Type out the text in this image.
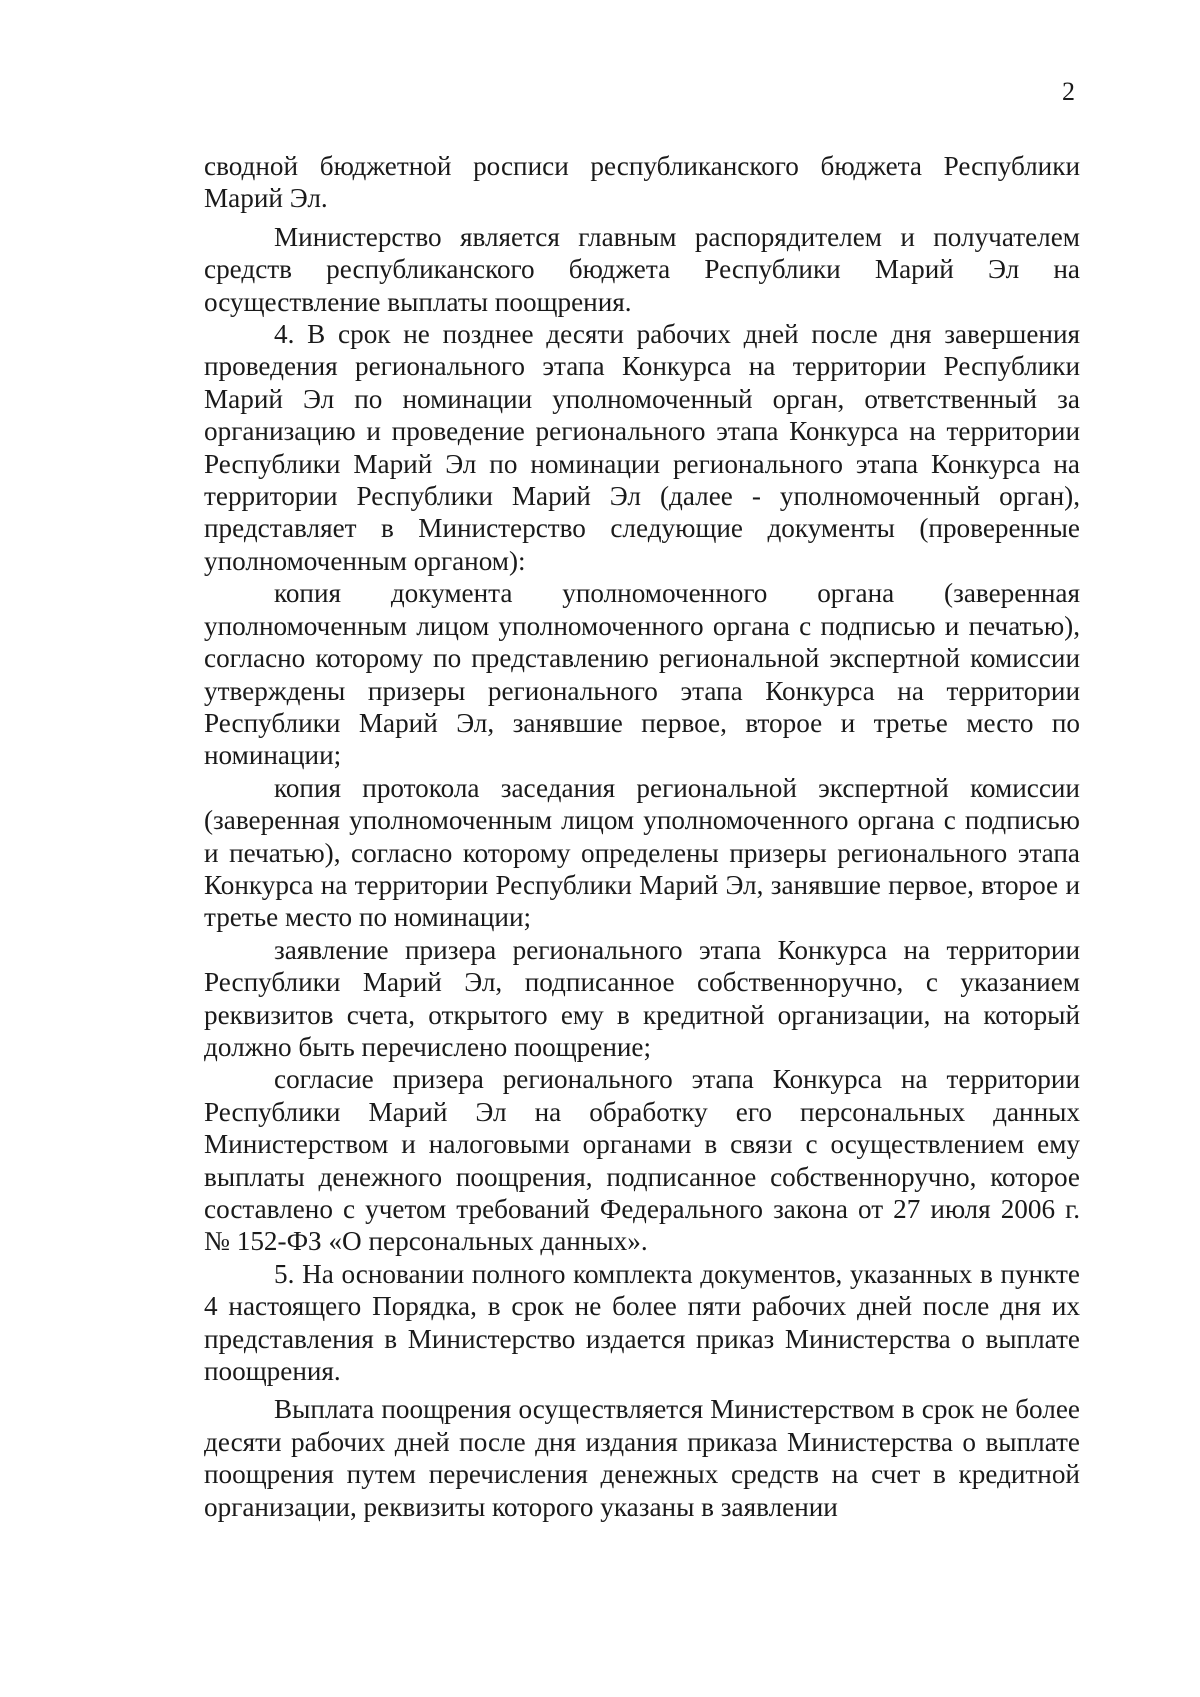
2

сводной бюджетной росписи республиканского бюджета Республики Марий Эл.

Министерство является главным распорядителем и получателем средств республиканского бюджета Республики Марий Эл на осуществление выплаты поощрения.

4. В срок не позднее десяти рабочих дней после дня завершения проведения регионального этапа Конкурса на территории Республики Марий Эл по номинации уполномоченный орган, ответственный за организацию и проведение регионального этапа Конкурса на территории Республики Марий Эл по номинации регионального этапа Конкурса на территории Республики Марий Эл (далее - уполномоченный орган), представляет в Министерство следующие документы (проверенные уполномоченным органом):

копия документа уполномоченного органа (заверенная уполномоченным лицом уполномоченного органа с подписью и печатью), согласно которому по представлению региональной экспертной комиссии утверждены призеры регионального этапа Конкурса на территории Республики Марий Эл, занявшие первое, второе и третье место по номинации;

копия протокола заседания региональной экспертной комиссии (заверенная уполномоченным лицом уполномоченного органа с подписью и печатью), согласно которому определены призеры регионального этапа Конкурса на территории Республики Марий Эл, занявшие первое, второе и третье место по номинации;

заявление призера регионального этапа Конкурса на территории Республики Марий Эл, подписанное собственноручно, с указанием реквизитов счета, открытого ему в кредитной организации, на который должно быть перечислено поощрение;

согласие призера регионального этапа Конкурса на территории Республики Марий Эл на обработку его персональных данных Министерством и налоговыми органами в связи с осуществлением ему выплаты денежного поощрения, подписанное собственноручно, которое составлено с учетом требований Федерального закона от 27 июля 2006 г. № 152-ФЗ «О персональных данных».

5. На основании полного комплекта документов, указанных в пункте 4 настоящего Порядка, в срок не более пяти рабочих дней после дня их представления в Министерство издается приказ Министерства о выплате поощрения.

Выплата поощрения осуществляется Министерством в срок не более десяти рабочих дней после дня издания приказа Министерства о выплате поощрения путем перечисления денежных средств на счет в кредитной организации, реквизиты которого указаны в заявлении
